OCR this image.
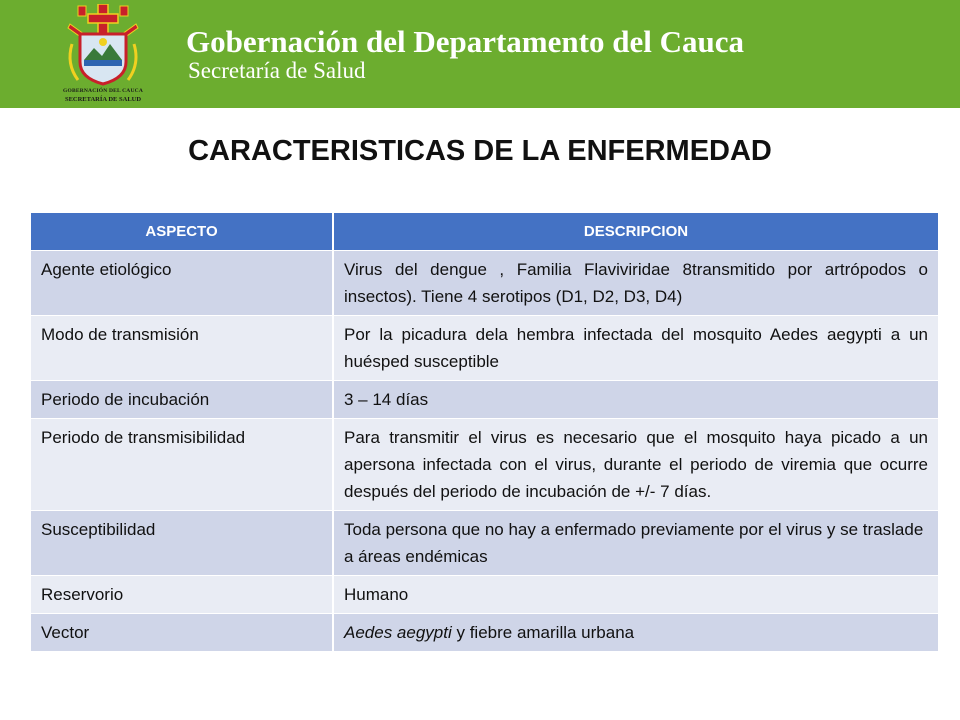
GOBERNACIÓN DEL CAUCA
SECRETARÍA DE SALUD
Gobernación del Departamento del Cauca
Secretaría de Salud
CARACTERISTICAS DE LA ENFERMEDAD
ASPECTO	DESCRIPCION
Agente etiológico	Virus del dengue , Familia Flaviviridae 8transmitido por artrópodos o insectos). Tiene 4 serotipos (D1, D2, D3, D4)
Modo de transmisión	Por la picadura dela hembra infectada del mosquito Aedes aegypti a un huésped susceptible
Periodo de incubación	3 – 14 días
Periodo de transmisibilidad	Para transmitir el virus es necesario que el mosquito haya picado a un apersona infectada con el virus, durante el periodo de viremia que ocurre después del periodo de incubación de +/- 7 días.
Susceptibilidad	Toda persona que no hay a enfermado previamente por el virus y se traslade a áreas endémicas
Reservorio	Humano
Vector	Aedes aegypti y fiebre amarilla urbana
